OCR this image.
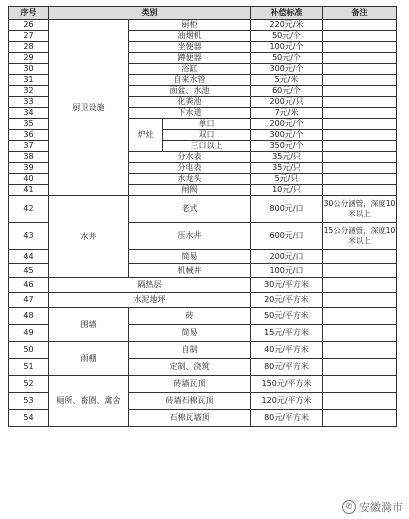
序号	类别			补偿标准	备注
26	厨卫设施	厨柜		220元/米	
27		油烟机		50元/个	
28		坐便器		100元/个	
29		蹲便器		50元/个	
30		浴缸		300元/个	
31		自来水管		5元/米	
32		面盆、水池		60元/个	
33		化粪池		200元/只	
34		下水道		7元/米	
35		炉灶	单口	200元/个	
36			双口	300元/个	
37			三口以上	350元/个	
38		分水表		35元/只	
39		分电表		35元/只	
40		水龙头		5元/只	
41		闸阀		10元/只	
42	水井	老式		800元/口	30公分涵管，深度10米以上
43		压水井		600元/口	15公分涵管，深度10米以上
44		简易		200元/口	
45		机械井		100元/口	
46	隔热层			30元/平方米	
47	水泥地坪			20元/平方米	
48	围墙	砖		50元/平方米	
49		简易		15元/平方米	
50	雨棚	自制		40元/平方米	
51		定制、浇筑		80元/平方米	
52	厕所、畜圈、禽舍	砖墙瓦顶		150元/平方米	
53		砖墙石棉瓦顶		120元/平方米	
54		石棉瓦墙顶		80元/平方米	
✆ 安徽滁市
